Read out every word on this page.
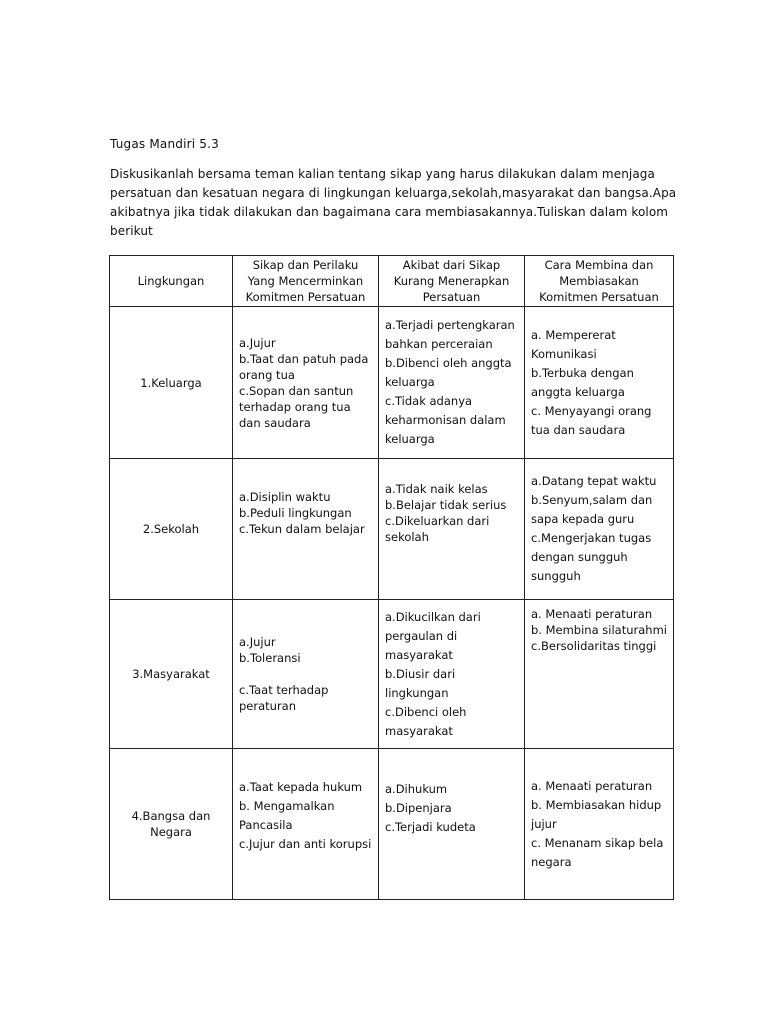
Tugas Mandiri 5.3
Diskusikanlah bersama teman kalian tentang sikap yang harus dilakukan dalam menjaga
persatuan dan kesatuan negara di lingkungan keluarga,sekolah,masyarakat dan bangsa.Apa
akibatnya jika tidak dilakukan dan bagaimana cara membiasakannya.Tuliskan dalam kolom
berikut
Lingkungan	Sikap dan Perilaku Yang Mencerminkan Komitmen Persatuan	Akibat dari Sikap Kurang Menerapkan Persatuan	Cara Membina dan Membiasakan Komitmen Persatuan
1.Keluarga	a.Jujur
b.Taat dan patuh pada orang tua
c.Sopan dan santun terhadap orang tua dan saudara	a.Terjadi pertengkaran bahkan perceraian
b.Dibenci oleh anggta keluarga
c.Tidak adanya keharmonisan dalam keluarga	a. Mempererat Komunikasi
b.Terbuka dengan anggta keluarga
c. Menyayangi orang tua dan saudara

2.Sekolah	a.Disiplin waktu
b.Peduli lingkungan
c.Tekun dalam belajar	a.Tidak naik kelas
b.Belajar tidak serius
c.Dikeluarkan dari sekolah	a.Datang tepat waktu
b.Senyum,salam dan sapa kepada guru
c.Mengerjakan tugas dengan sungguh sungguh

3.Masyarakat	a.Jujur
b.Toleransi
c.Taat terhadap peraturan	a.Dikucilkan dari pergaulan di masyarakat
b.Diusir dari lingkungan
c.Dibenci oleh masyarakat	a. Menaati peraturan
b. Membina silaturahmi
c.Bersolidaritas tinggi

4.Bangsa dan Negara	a.Taat kepada hukum
b. Mengamalkan Pancasila
c.Jujur dan anti korupsi	a.Dihukum
b.Dipenjara
c.Terjadi kudeta	a. Menaati peraturan
b. Membiasakan hidup jujur
c. Menanam sikap bela negara
